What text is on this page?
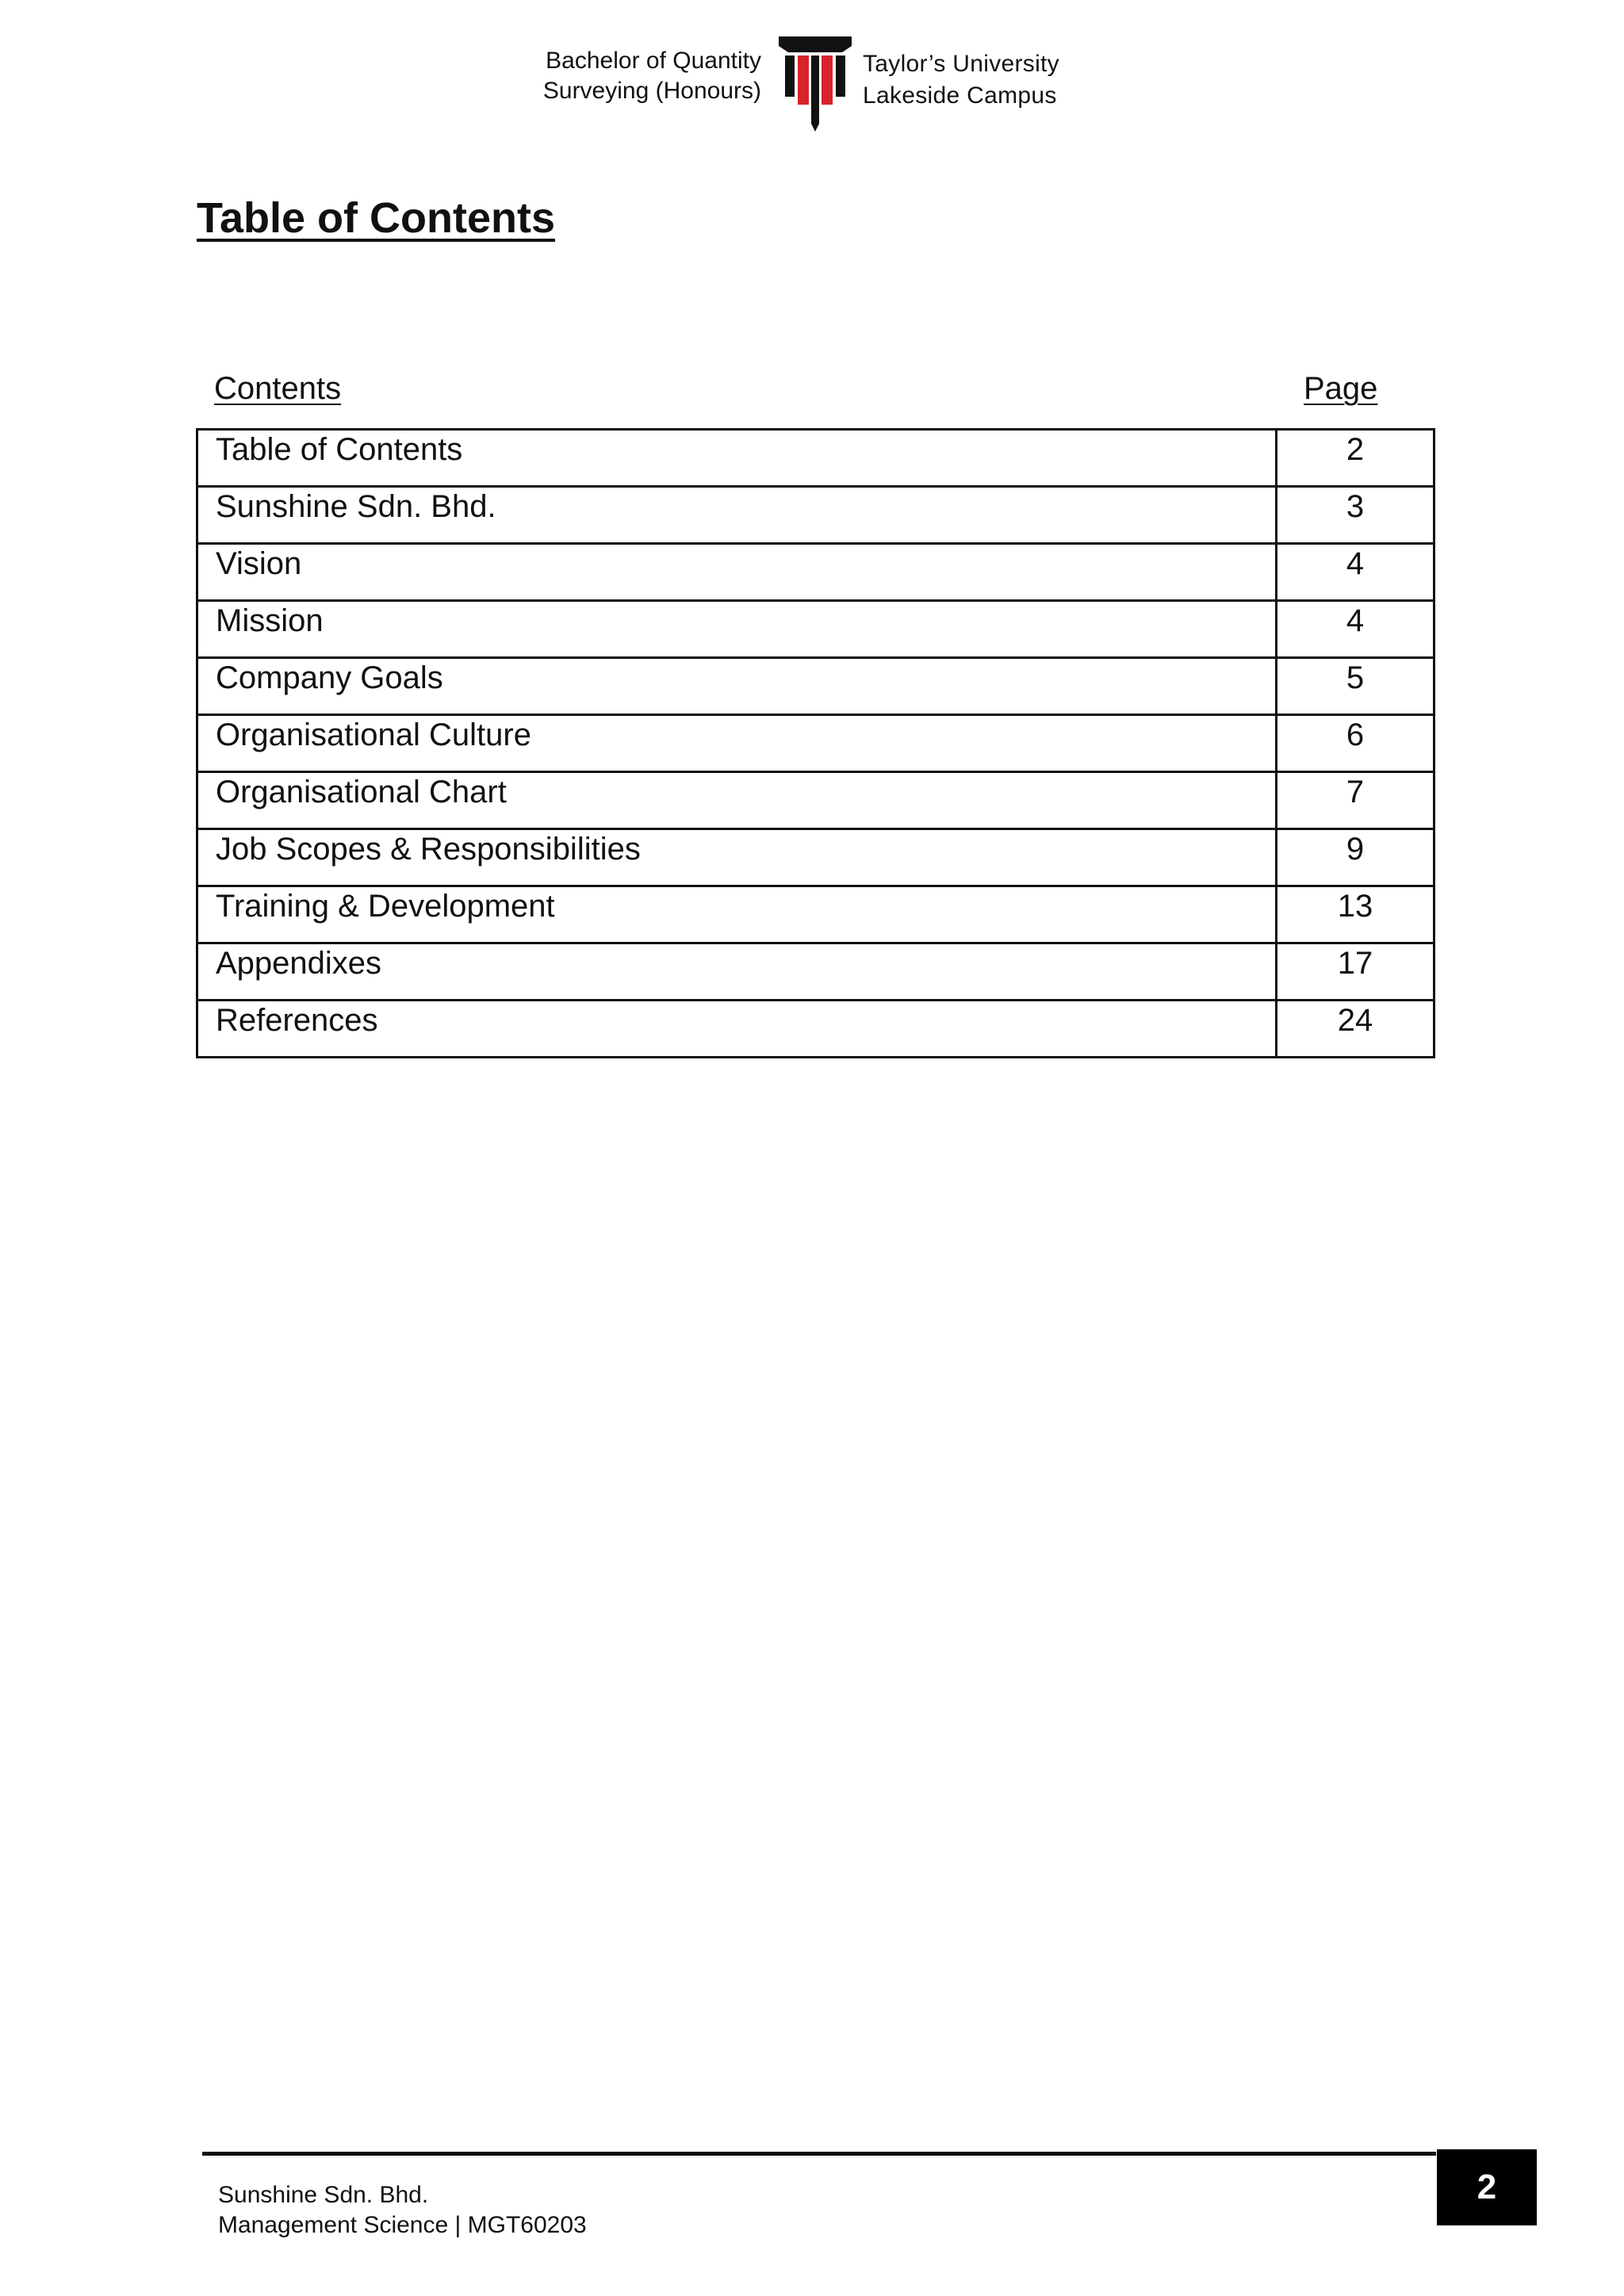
Bachelor of Quantity
Surveying (Honours)
Taylor’s University
Lakeside Campus
Table of Contents
Contents	Page
Table of Contents	2
Sunshine Sdn. Bhd.	3
Vision	4
Mission	4
Company Goals	5
Organisational Culture	6
Organisational Chart	7
Job Scopes & Responsibilities	9
Training & Development	13
Appendixes	17
References	24
Sunshine Sdn. Bhd.
Management Science | MGT60203
2
